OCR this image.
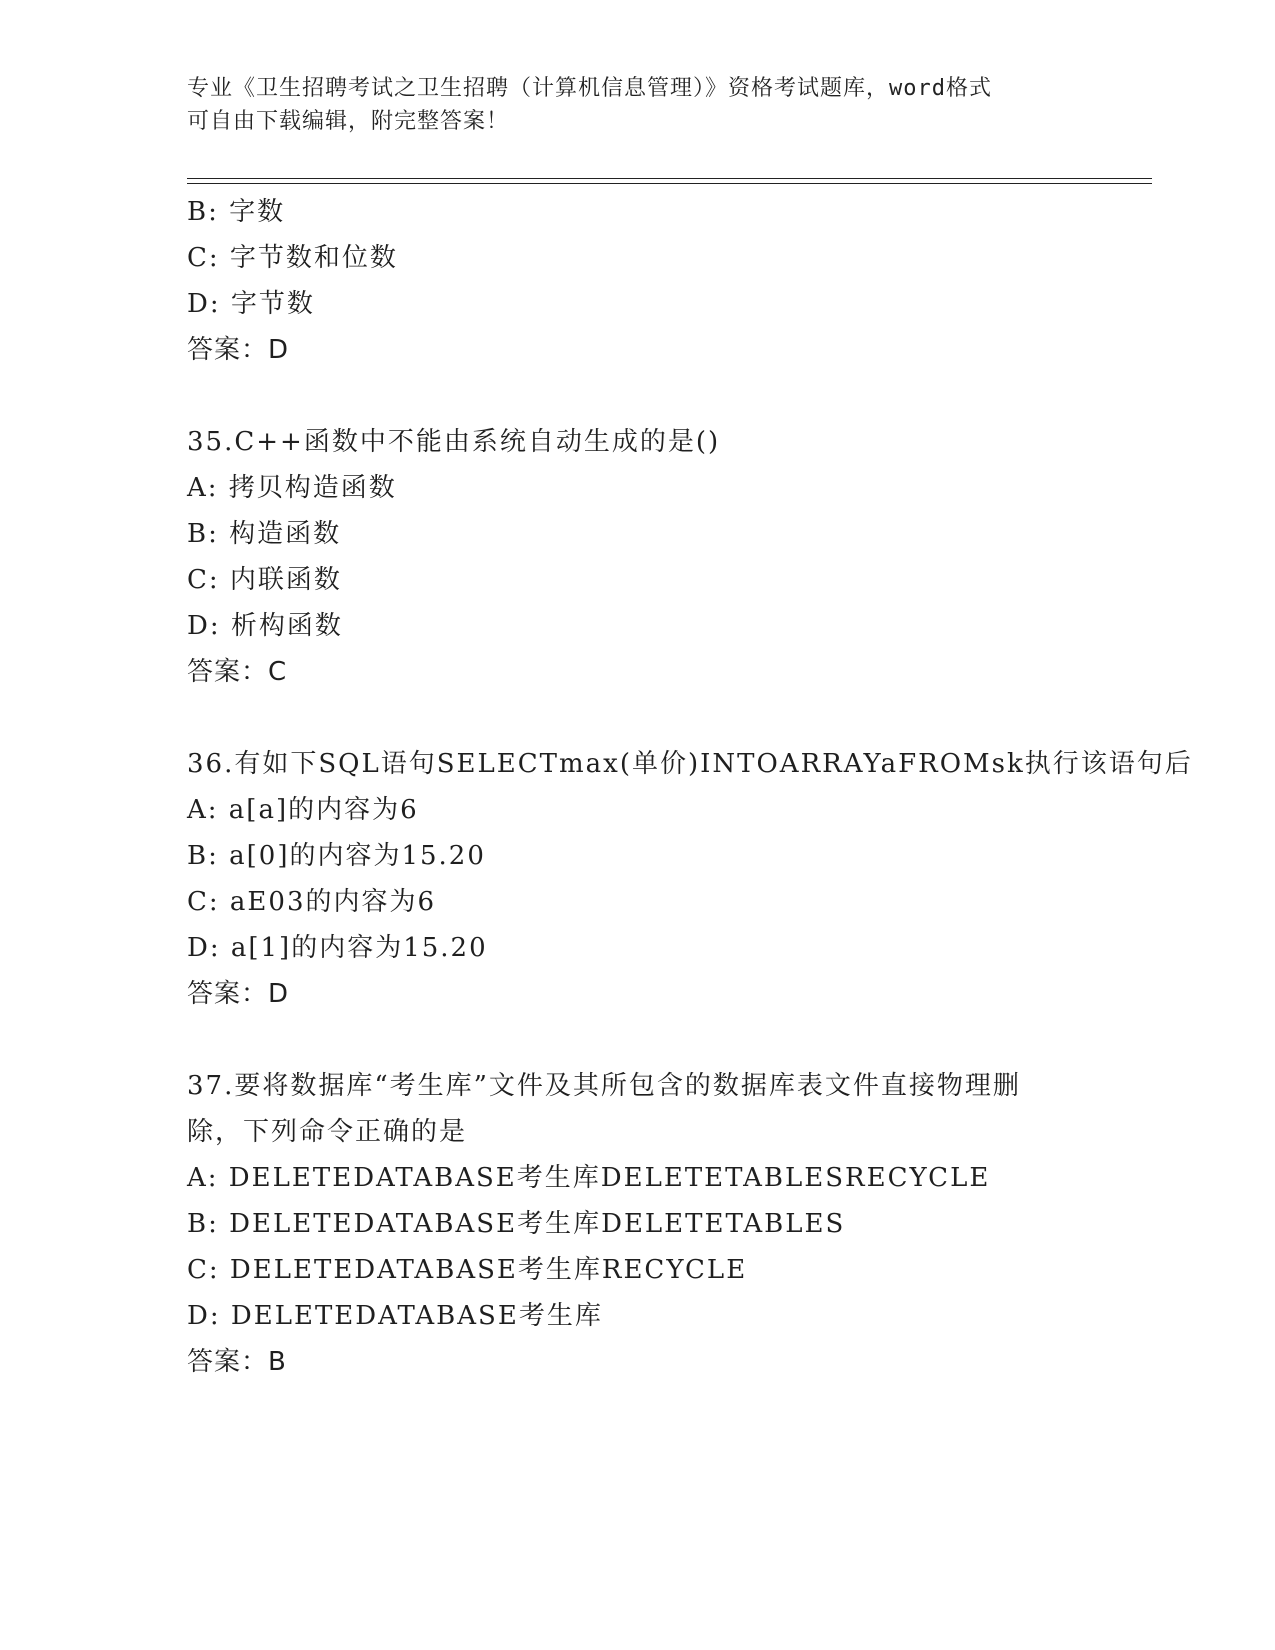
专业《卫生招聘考试之卫生招聘（计算机信息管理）》资格考试题库，word格式
可自由下载编辑，附完整答案！
B: 字数
C: 字节数和位数
D: 字节数
答案：D
35.C++函数中不能由系统自动生成的是()
A: 拷贝构造函数
B: 构造函数
C: 内联函数
D: 析构函数
答案：C
36.有如下SQL语句SELECTmax(单价)INTOARRAYaFROMsk执行该语句后
A: a[a]的内容为6
B: a[0]的内容为15.20
C: aE03的内容为6
D: a[1]的内容为15.20
答案：D
37.要将数据库“考生库”文件及其所包含的数据库表文件直接物理删
除，下列命令正确的是
A: DELETEDATABASE考生库DELETETABLESRECYCLE
B: DELETEDATABASE考生库DELETETABLES
C: DELETEDATABASE考生库RECYCLE
D: DELETEDATABASE考生库
答案：B
